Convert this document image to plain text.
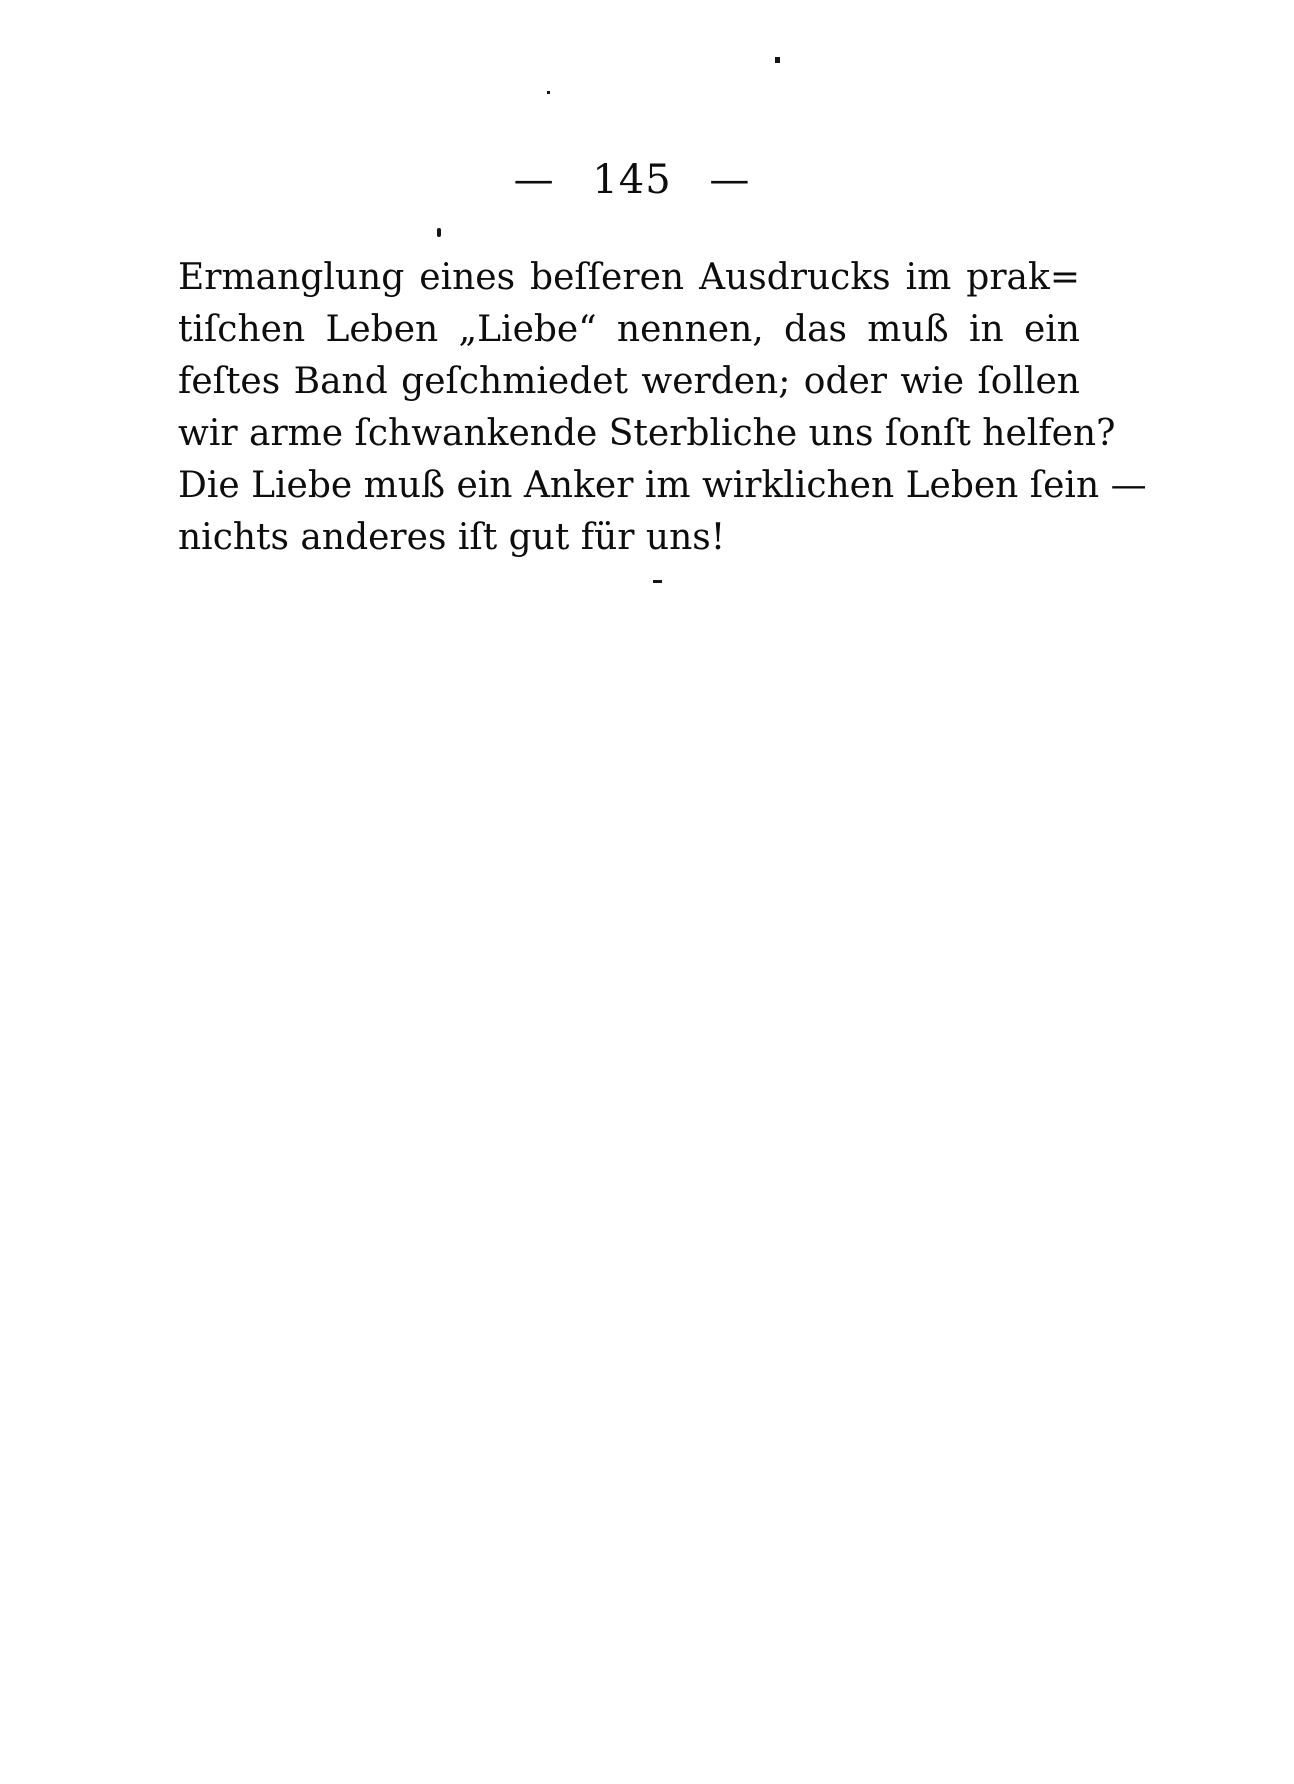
— 145 —
Ermanglung eines beſſeren Ausdrucks im prak=
tiſchen Leben „Liebe“ nennen, das muß in ein
feſtes Band geſchmiedet werden; oder wie ſollen
wir arme ſchwankende Sterbliche uns ſonſt helfen?
Die Liebe muß ein Anker im wirklichen Leben ſein —
nichts anderes iſt gut für uns!
